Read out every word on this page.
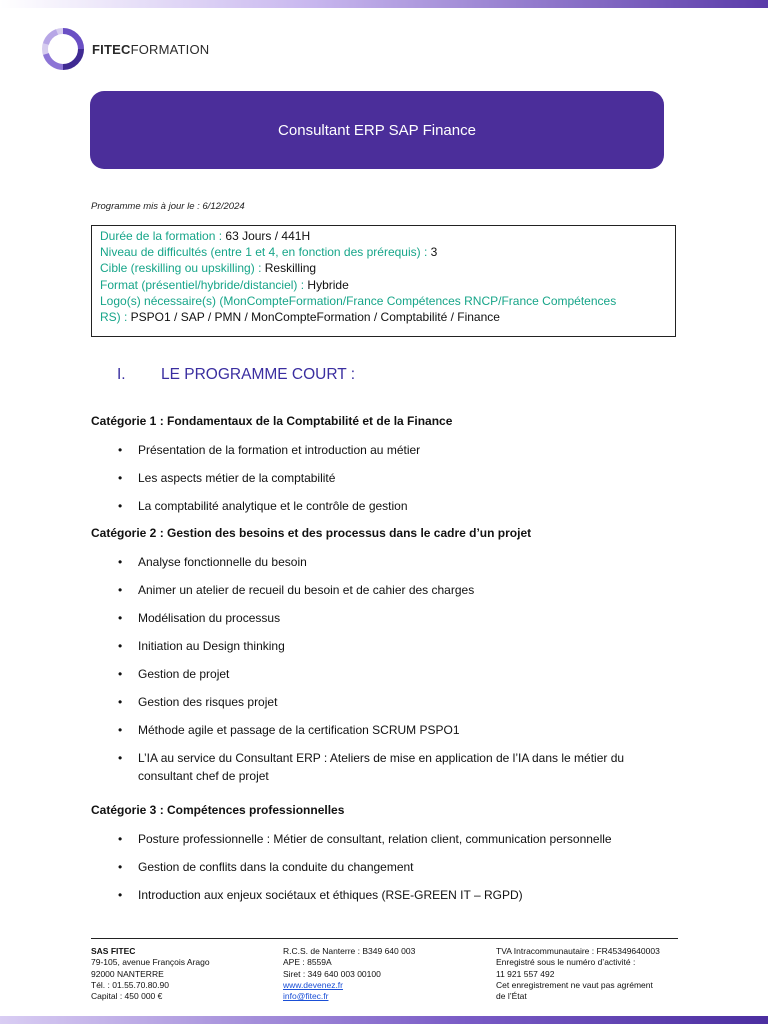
FITECFORMATION
Consultant ERP SAP Finance
Programme mis à jour le : 6/12/2024
Durée de la formation : 63 Jours / 441H
Niveau de difficultés (entre 1 et 4, en fonction des prérequis) : 3
Cible (reskilling ou upskilling) : Reskilling
Format (présentiel/hybride/distanciel) : Hybride
Logo(s) nécessaire(s) (MonCompteFormation/France Compétences RNCP/France Compétences
RS) : PSPO1 / SAP / PMN / MonCompteFormation / Comptabilité / Finance
I.	LE PROGRAMME COURT :
Catégorie 1 : Fondamentaux de la Comptabilité et de la Finance
• Présentation de la formation et introduction au métier
• Les aspects métier de la comptabilité
• La comptabilité analytique et le contrôle de gestion
Catégorie 2 : Gestion des besoins et des processus dans le cadre d’un projet
• Analyse fonctionnelle du besoin
• Animer un atelier de recueil du besoin et de cahier des charges
• Modélisation du processus
• Initiation au Design thinking
• Gestion de projet
• Gestion des risques projet
• Méthode agile et passage de la certification SCRUM PSPO1
• L’IA au service du Consultant ERP : Ateliers de mise en application de l’IA dans le métier du consultant chef de projet
Catégorie 3 : Compétences professionnelles
• Posture professionnelle : Métier de consultant, relation client, communication personnelle
• Gestion de conflits dans la conduite du changement
• Introduction aux enjeux sociétaux et éthiques (RSE-GREEN IT – RGPD)
SAS FITEC
79-105, avenue François Arago
92000 NANTERRE
Tél. : 01.55.70.80.90
Capital : 450 000 €
R.C.S. de Nanterre : B349 640 003
APE : 8559A
Siret : 349 640 003 00100
www.devenez.fr
info@fitec.fr
TVA Intracommunautaire : FR45349640003
Enregistré sous le numéro d’activité :
11 921 557 492
Cet enregistrement ne vaut pas agrément
de l’État
